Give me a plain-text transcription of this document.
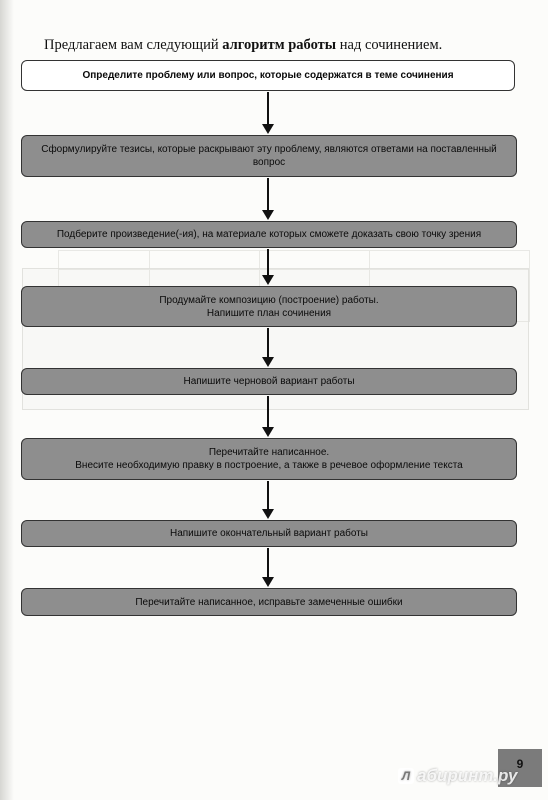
Предлагаем вам следующий алгоритм работы над сочинением.
Определите проблему или вопрос, которые содержатся в теме сочинения
Сформулируйте тезисы, которые раскрывают эту проблему, являются ответами на поставленный
вопрос
Подберите произведение(-ия), на материале которых сможете доказать свою точку зрения
Продумайте композицию (построение) работы.
Напишите план сочинения
Напишите черновой вариант работы
Перечитайте написанное.
Внесите необходимую правку в построение, а также в речевое оформление текста
Напишите окончательный вариант работы
Перечитайте написанное, исправьте замеченные ошибки
9
Л абиринт.ру
